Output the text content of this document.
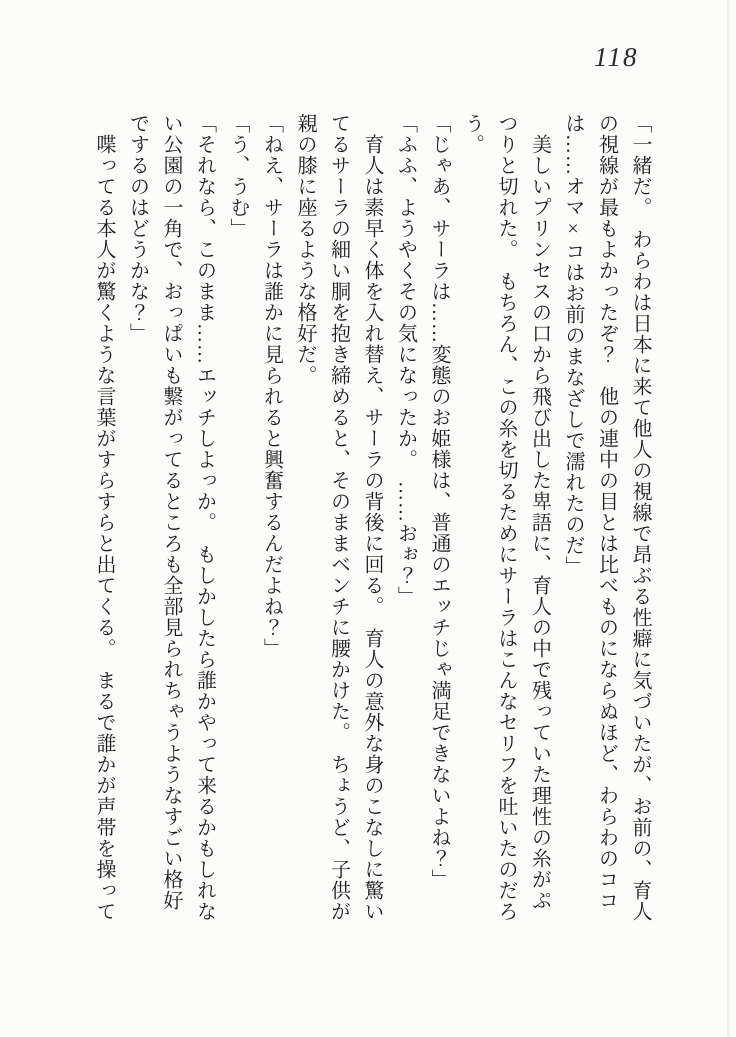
118
「一緒だ。　わらわは日本に来て他人の視線で昂ぶる性癖に気づいたが、お前の、育人
の視線が最もよかったぞ？　他の連中の目とは比べものにならぬほど、わらわのココ
は……オマ×コはお前のまなざしで濡れたのだ」
　美しいプリンセスの口から飛び出した卑語に、育人の中で残っていた理性の糸がぷ
つりと切れた。　もちろん、この糸を切るためにサーラはこんなセリフを吐いたのだろ
う。
「じゃあ、サーラは……変態のお姫様は、普通のエッチじゃ満足できないよね？」
「ふふ、ようやくその気になったか。　……おぉ？」
　育人は素早く体を入れ替え、サーラの背後に回る。　育人の意外な身のこなしに驚い
てるサーラの細い胴を抱き締めると、そのままベンチに腰かけた。　ちょうど、子供が
親の膝に座るような格好だ。
「ねえ、サーラは誰かに見られると興奮するんだよね？」
「う、うむ」
「それなら、このまま……エッチしよっか。　もしかしたら誰かやって来るかもしれな
い公園の一角で、おっぱいも繋がってるところも全部見られちゃうようなすごい格好
でするのはどうかな？」
　喋ってる本人が驚くような言葉がすらすらと出てくる。　まるで誰かが声帯を操って
